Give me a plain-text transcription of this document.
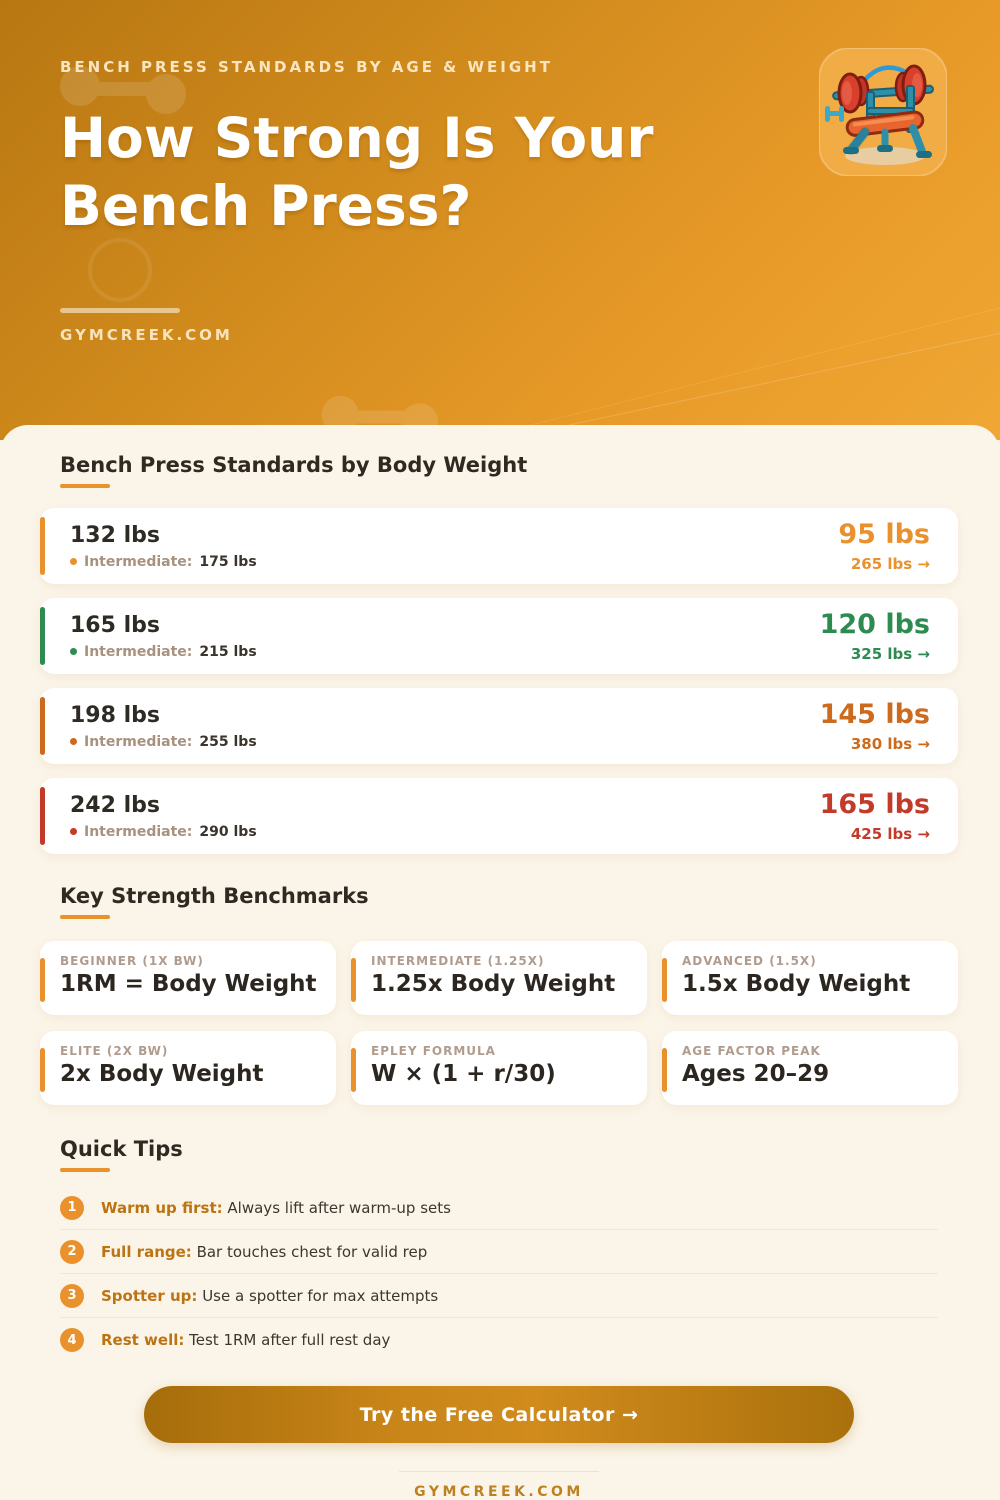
BENCH PRESS STANDARDS BY AGE & WEIGHT
How Strong Is Your
Bench Press?
GYMCREEK.COM
Bench Press Standards by Body Weight
132 lbs
Intermediate: 175 lbs
95 lbs
265 lbs →
165 lbs
Intermediate: 215 lbs
120 lbs
325 lbs →
198 lbs
Intermediate: 255 lbs
145 lbs
380 lbs →
242 lbs
Intermediate: 290 lbs
165 lbs
425 lbs →
Key Strength Benchmarks
BEGINNER (1X BW)
1RM = Body Weight
INTERMEDIATE (1.25X)
1.25x Body Weight
ADVANCED (1.5X)
1.5x Body Weight
ELITE (2X BW)
2x Body Weight
EPLEY FORMULA
W × (1 + r/30)
AGE FACTOR PEAK
Ages 20–29
Quick Tips
1	Warm up first: Always lift after warm-up sets
2	Full range: Bar touches chest for valid rep
3	Spotter up: Use a spotter for max attempts
4	Rest well: Test 1RM after full rest day
Try the Free Calculator →
GYMCREEK.COM
